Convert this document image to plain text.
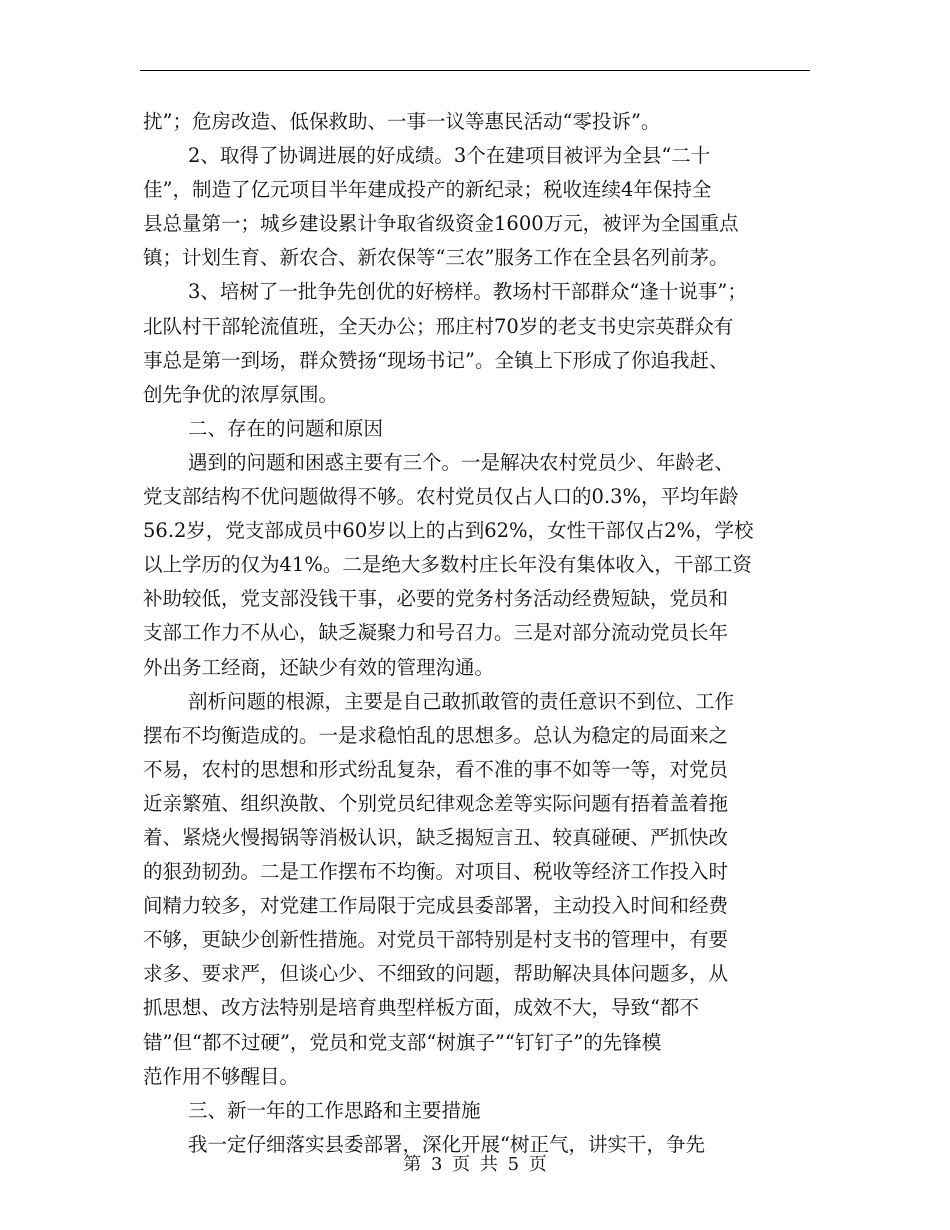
扰”；危房改造、低保救助、一事一议等惠民活动“零投诉”。
2、取得了协调进展的好成绩。3个在建项目被评为全县“二十
佳”，制造了亿元项目半年建成投产的新纪录；税收连续4年保持全
县总量第一；城乡建设累计争取省级资金1600万元，被评为全国重点
镇；计划生育、新农合、新农保等“三农”服务工作在全县名列前茅。
3、培树了一批争先创优的好榜样。教场村干部群众“逢十说事”；
北队村干部轮流值班，全天办公；邢庄村70岁的老支书史宗英群众有
事总是第一到场，群众赞扬“现场书记”。全镇上下形成了你追我赶、
创先争优的浓厚氛围。
二、存在的问题和原因
遇到的问题和困惑主要有三个。一是解决农村党员少、年龄老、
党支部结构不优问题做得不够。农村党员仅占人口的0.3%，平均年龄
56.2岁，党支部成员中60岁以上的占到62%，女性干部仅占2%，学校
以上学历的仅为41%。二是绝大多数村庄长年没有集体收入，干部工资
补助较低，党支部没钱干事，必要的党务村务活动经费短缺，党员和
支部工作力不从心，缺乏凝聚力和号召力。三是对部分流动党员长年
外出务工经商，还缺少有效的管理沟通。
剖析问题的根源，主要是自己敢抓敢管的责任意识不到位、工作
摆布不均衡造成的。一是求稳怕乱的思想多。总认为稳定的局面来之
不易，农村的思想和形式纷乱复杂，看不准的事不如等一等，对党员
近亲繁殖、组织涣散、个别党员纪律观念差等实际问题有捂着盖着拖
着、紧烧火慢揭锅等消极认识，缺乏揭短言丑、较真碰硬、严抓快改
的狠劲韧劲。二是工作摆布不均衡。对项目、税收等经济工作投入时
间精力较多，对党建工作局限于完成县委部署，主动投入时间和经费
不够，更缺少创新性措施。对党员干部特别是村支书的管理中，有要
求多、要求严，但谈心少、不细致的问题，帮助解决具体问题多，从
抓思想、改方法特别是培育典型样板方面，成效不大，导致“都不
错”但“都不过硬”，党员和党支部“树旗子”“钉钉子”的先锋模
范作用不够醒目。
三、新一年的工作思路和主要措施
我一定仔细落实县委部署，深化开展“树正气，讲实干，争先
第 3 页 共 5 页
